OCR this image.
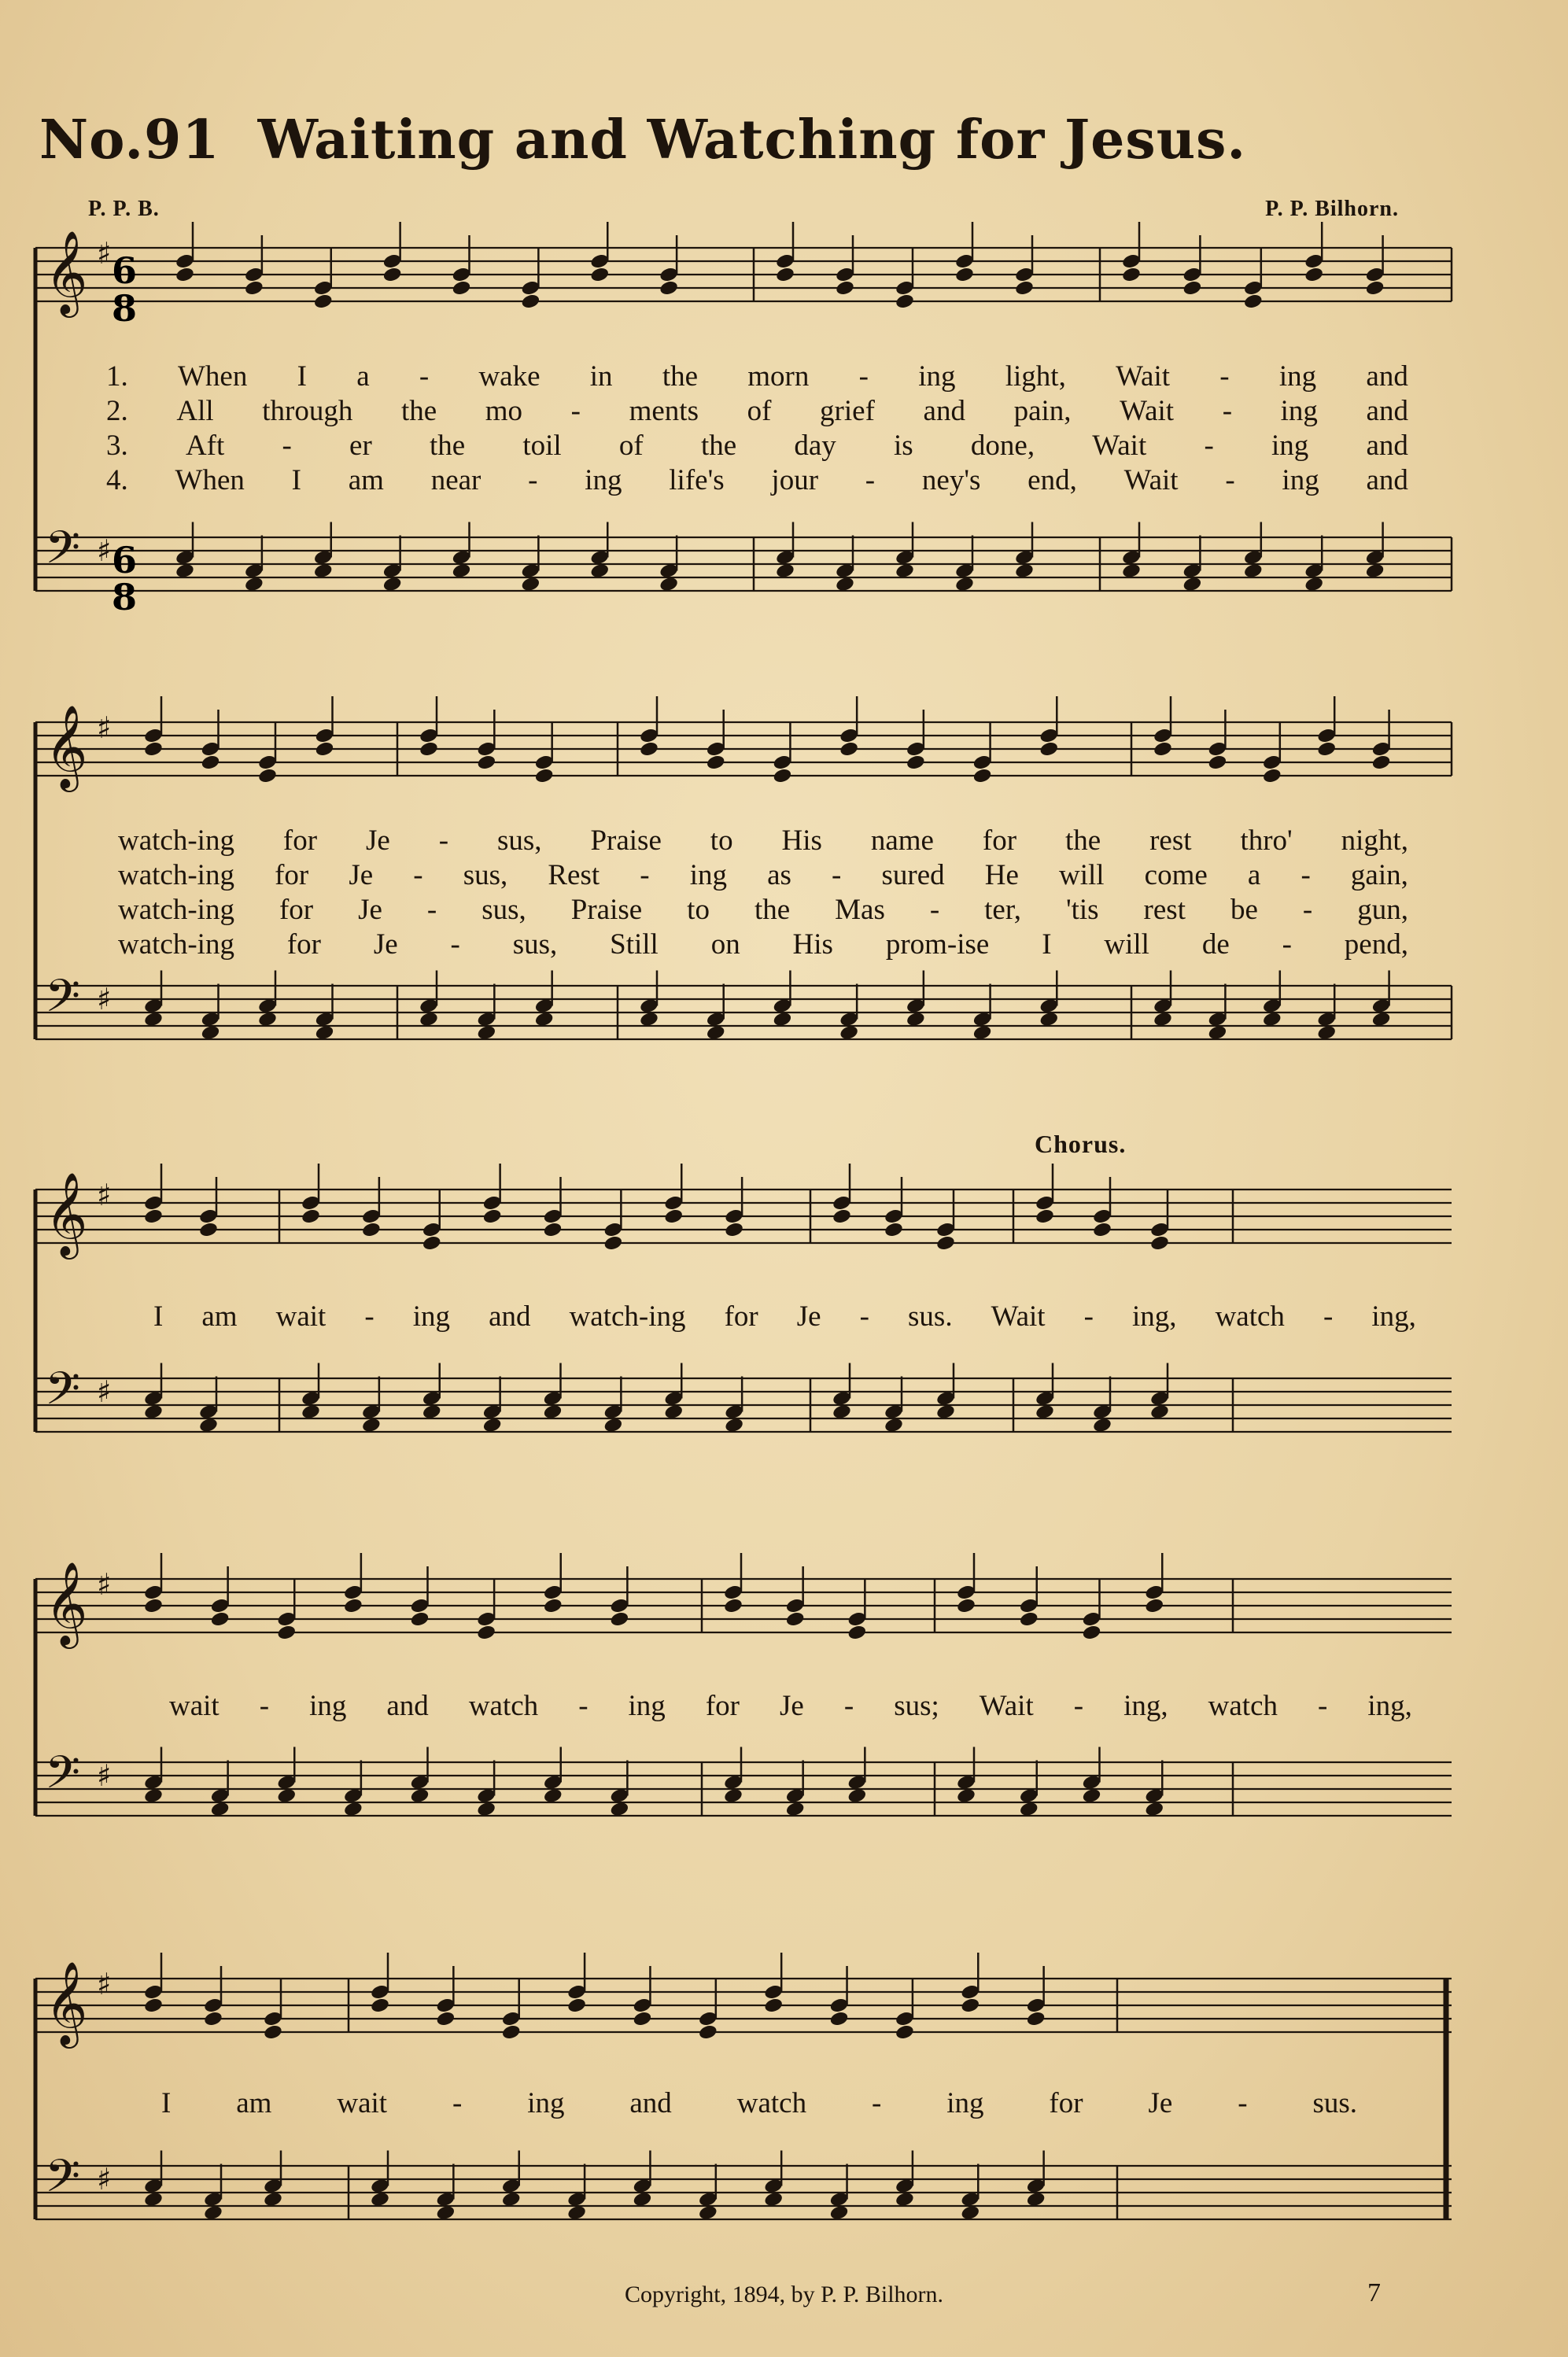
No.91 Waiting and Watching for Jesus.
P. P. B.	P. P. Bilhorn.
𝄞
𝄢
♯
♯
𝄞
𝄢
♯
♯
𝄞
𝄢
♯
♯
𝄞
𝄢
♯
♯
𝄞
𝄢
♯
♯
6
8
6
8
Chorus.
1. When I a - wake in the morn - ing light, Wait - ing and
2. All through the mo - ments of grief and pain, Wait - ing and
3. Aft - er the toil of the day is done, Wait - ing and
4. When I am near - ing life's jour - ney's end, Wait - ing and
watch-ing for Je - sus, Praise to His name for the rest thro' night,
watch-ing for Je - sus, Rest - ing as - sured He will come a - gain,
watch-ing for Je - sus, Praise to the Mas - ter, 'tis rest be - gun,
watch-ing for Je - sus, Still on His prom-ise I will de - pend,
I am wait - ing and watch-ing for Je - sus. Wait - ing, watch - ing,
wait - ing and watch - ing for Je - sus; Wait - ing, watch - ing,
I am wait - ing and watch - ing for Je - sus.
Copyright, 1894, by P. P. Bilhorn.	7
